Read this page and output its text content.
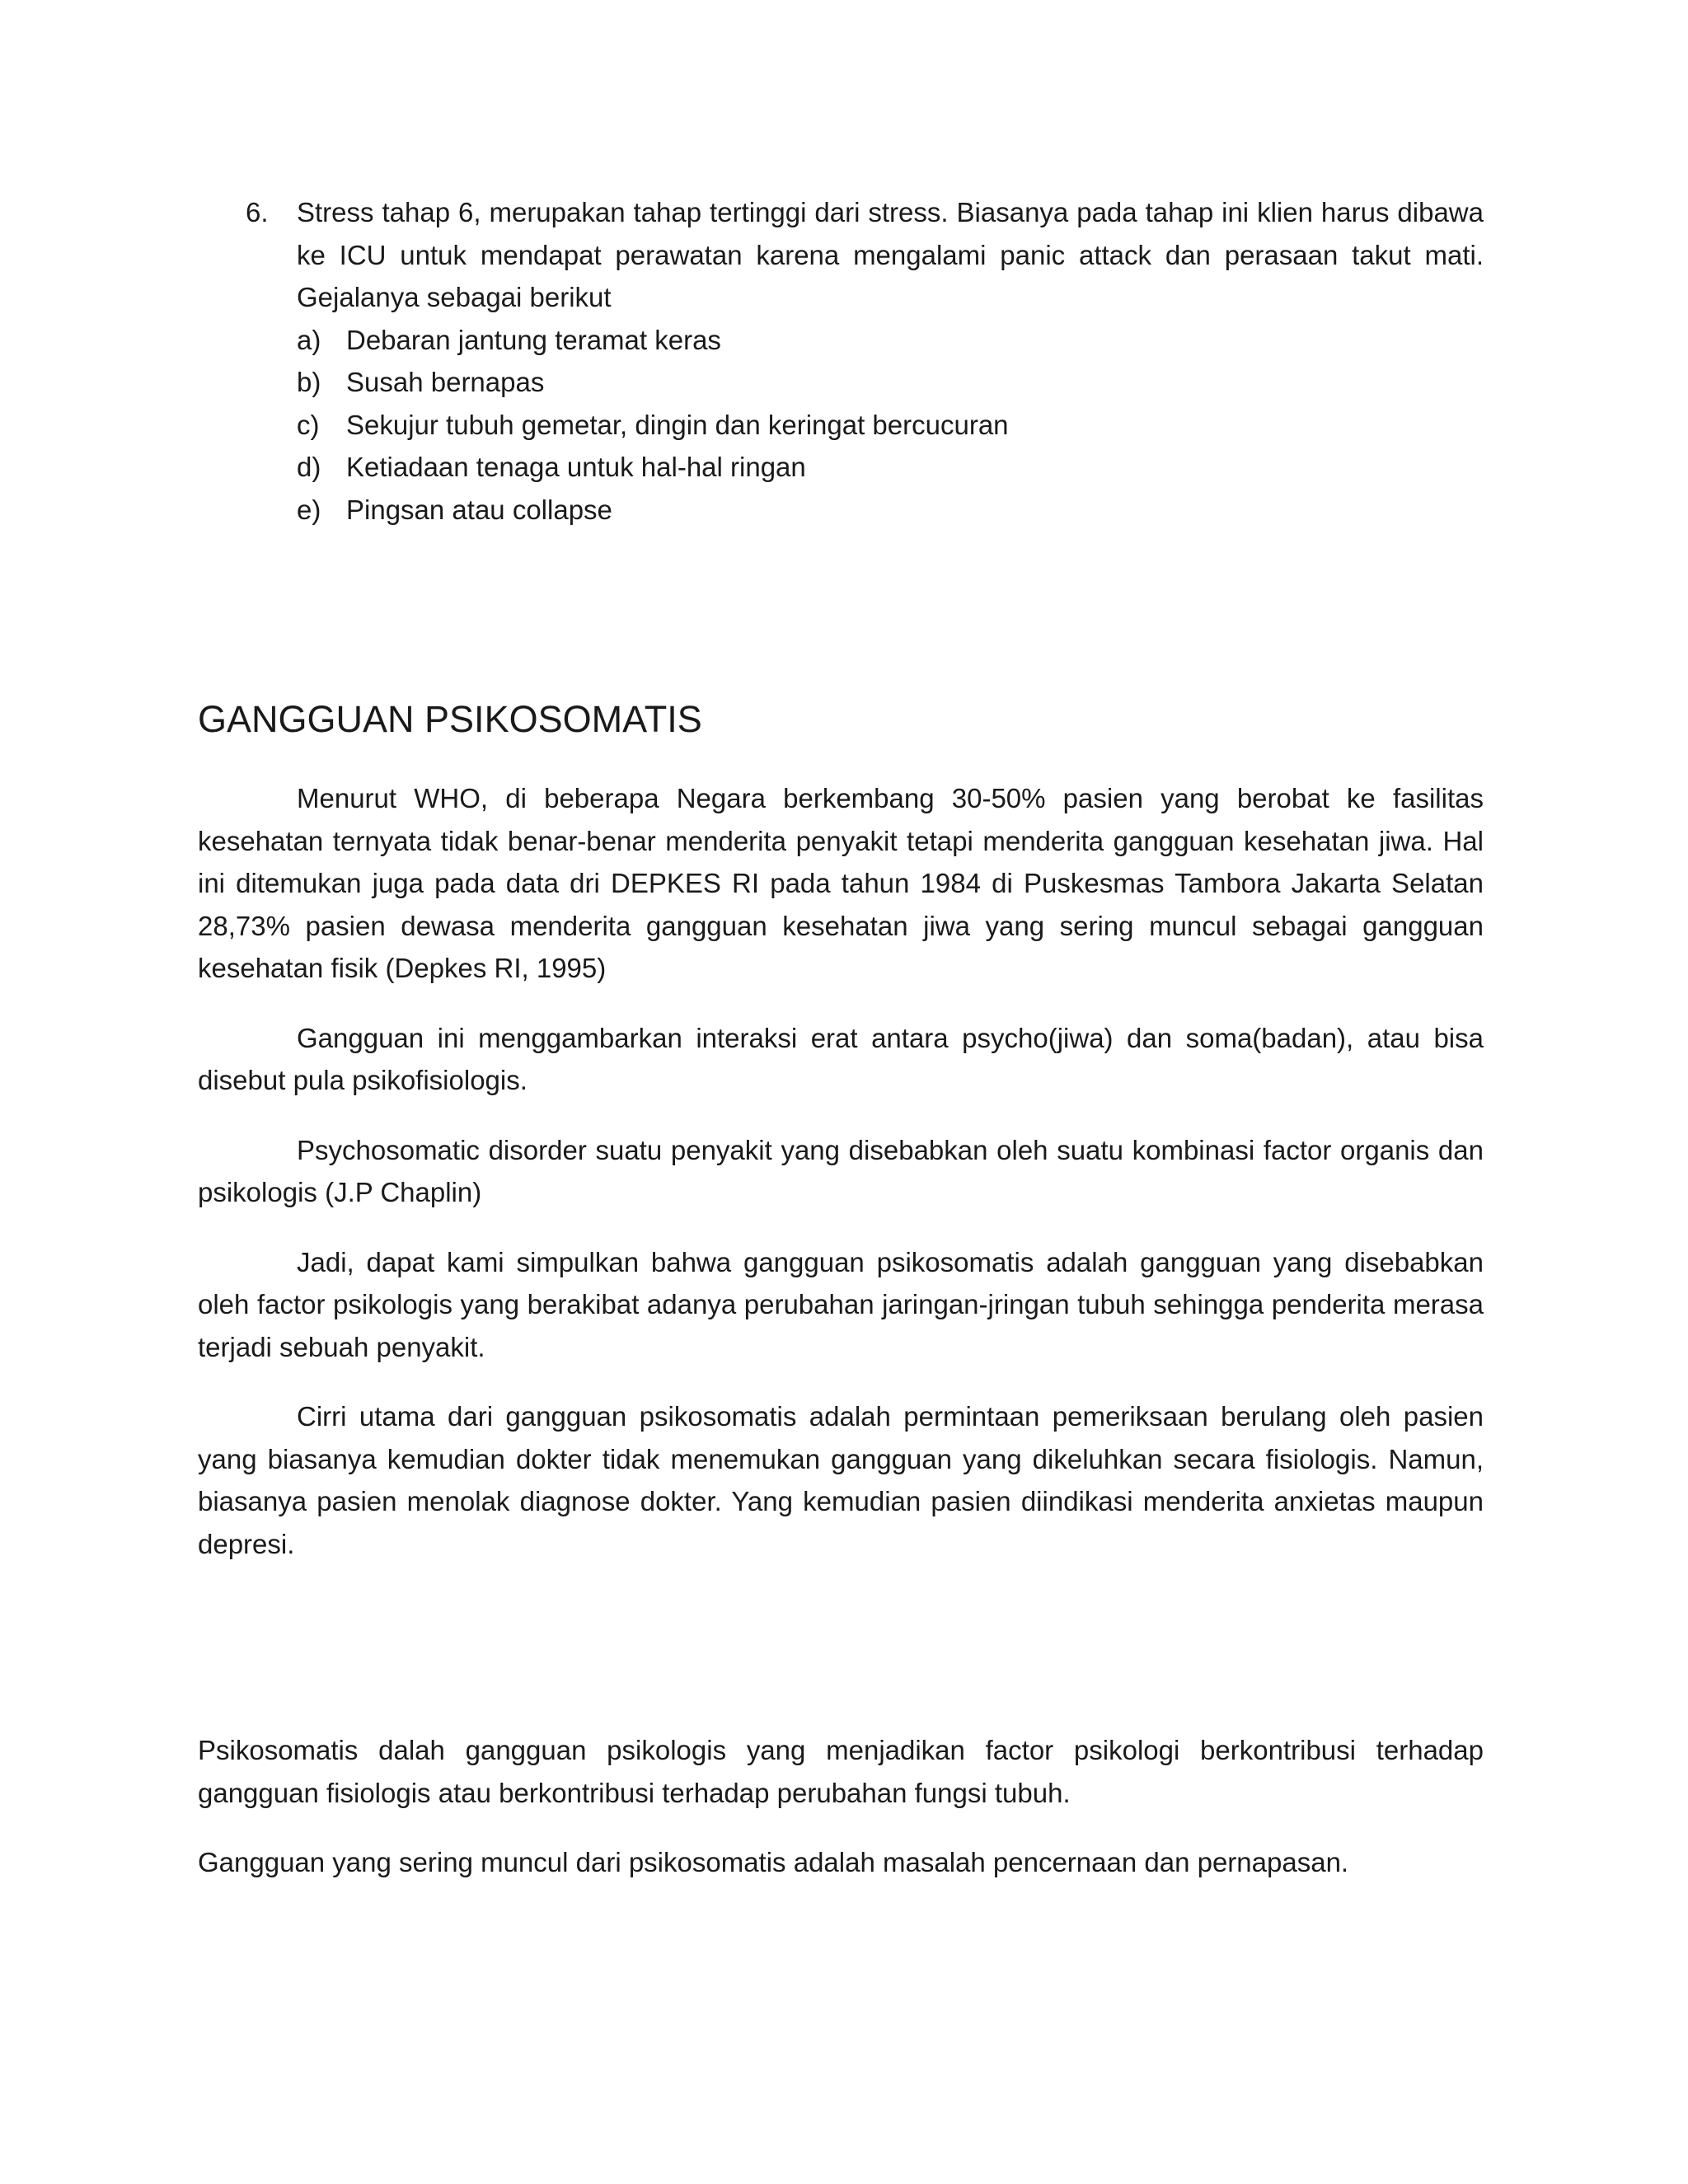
6. Stress tahap 6, merupakan tahap tertinggi dari stress. Biasanya pada tahap ini klien harus dibawa ke ICU untuk mendapat perawatan karena mengalami panic attack dan perasaan takut mati. Gejalanya sebagai berikut
a) Debaran jantung teramat keras
b) Susah bernapas
c) Sekujur tubuh gemetar, dingin dan keringat bercucuran
d) Ketiadaan tenaga untuk hal-hal ringan
e) Pingsan atau collapse
GANGGUAN PSIKOSOMATIS

Menurut WHO, di beberapa Negara berkembang 30-50% pasien yang berobat ke fasilitas kesehatan ternyata tidak benar-benar menderita penyakit tetapi menderita gangguan kesehatan jiwa. Hal ini ditemukan juga pada data dri DEPKES RI pada tahun 1984 di Puskesmas Tambora Jakarta Selatan 28,73% pasien dewasa menderita gangguan kesehatan jiwa yang sering muncul sebagai gangguan kesehatan fisik (Depkes RI, 1995)

Gangguan ini menggambarkan interaksi erat antara psycho(jiwa) dan soma(badan), atau bisa disebut pula psikofisiologis.

Psychosomatic disorder suatu penyakit yang disebabkan oleh suatu kombinasi factor organis dan psikologis (J.P Chaplin)

Jadi, dapat kami simpulkan bahwa gangguan psikosomatis adalah gangguan yang disebabkan oleh factor psikologis yang berakibat adanya perubahan jaringan-jringan tubuh sehingga penderita merasa terjadi sebuah penyakit.

Cirri utama dari gangguan psikosomatis adalah permintaan pemeriksaan berulang oleh pasien yang biasanya kemudian dokter tidak menemukan gangguan yang dikeluhkan secara fisiologis. Namun, biasanya pasien menolak diagnose dokter. Yang kemudian pasien diindikasi menderita anxietas maupun depresi.

Psikosomatis dalah gangguan psikologis yang menjadikan factor psikologi berkontribusi terhadap gangguan fisiologis atau berkontribusi terhadap perubahan fungsi tubuh.

Gangguan yang sering muncul dari psikosomatis adalah masalah pencernaan dan pernapasan.
